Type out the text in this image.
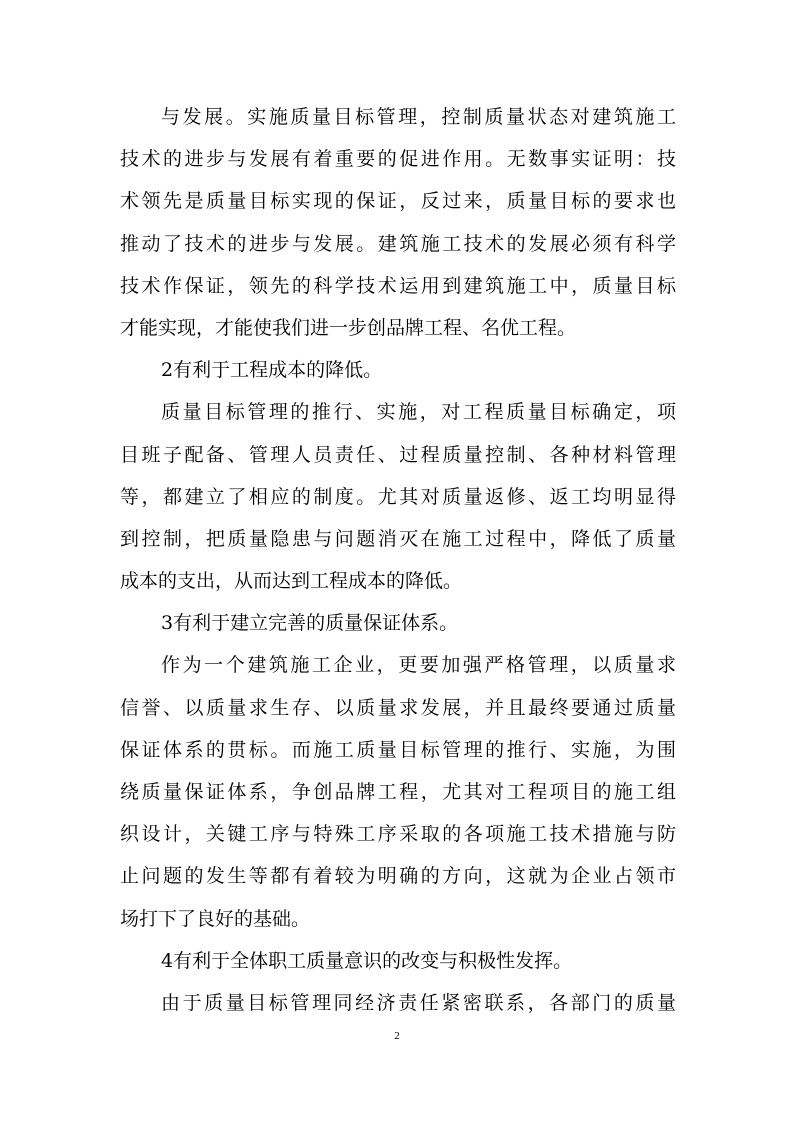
与发展。实施质量目标管理，控制质量状态对建筑施工
技术的进步与发展有着重要的促进作用。无数事实证明：技
术领先是质量目标实现的保证，反过来，质量目标的要求也
推动了技术的进步与发展。建筑施工技术的发展必须有科学
技术作保证，领先的科学技术运用到建筑施工中，质量目标
才能实现，才能使我们进一步创品牌工程、名优工程。
2有利于工程成本的降低。
质量目标管理的推行、实施，对工程质量目标确定，项
目班子配备、管理人员责任、过程质量控制、各种材料管理
等，都建立了相应的制度。尤其对质量返修、返工均明显得
到控制，把质量隐患与问题消灭在施工过程中，降低了质量
成本的支出，从而达到工程成本的降低。
3有利于建立完善的质量保证体系。
作为一个建筑施工企业，更要加强严格管理，以质量求
信誉、以质量求生存、以质量求发展，并且最终要通过质量
保证体系的贯标。而施工质量目标管理的推行、实施，为围
绕质量保证体系，争创品牌工程，尤其对工程项目的施工组
织设计，关键工序与特殊工序采取的各项施工技术措施与防
止问题的发生等都有着较为明确的方向，这就为企业占领市
场打下了良好的基础。
4有利于全体职工质量意识的改变与积极性发挥。
由于质量目标管理同经济责任紧密联系，各部门的质量
2
